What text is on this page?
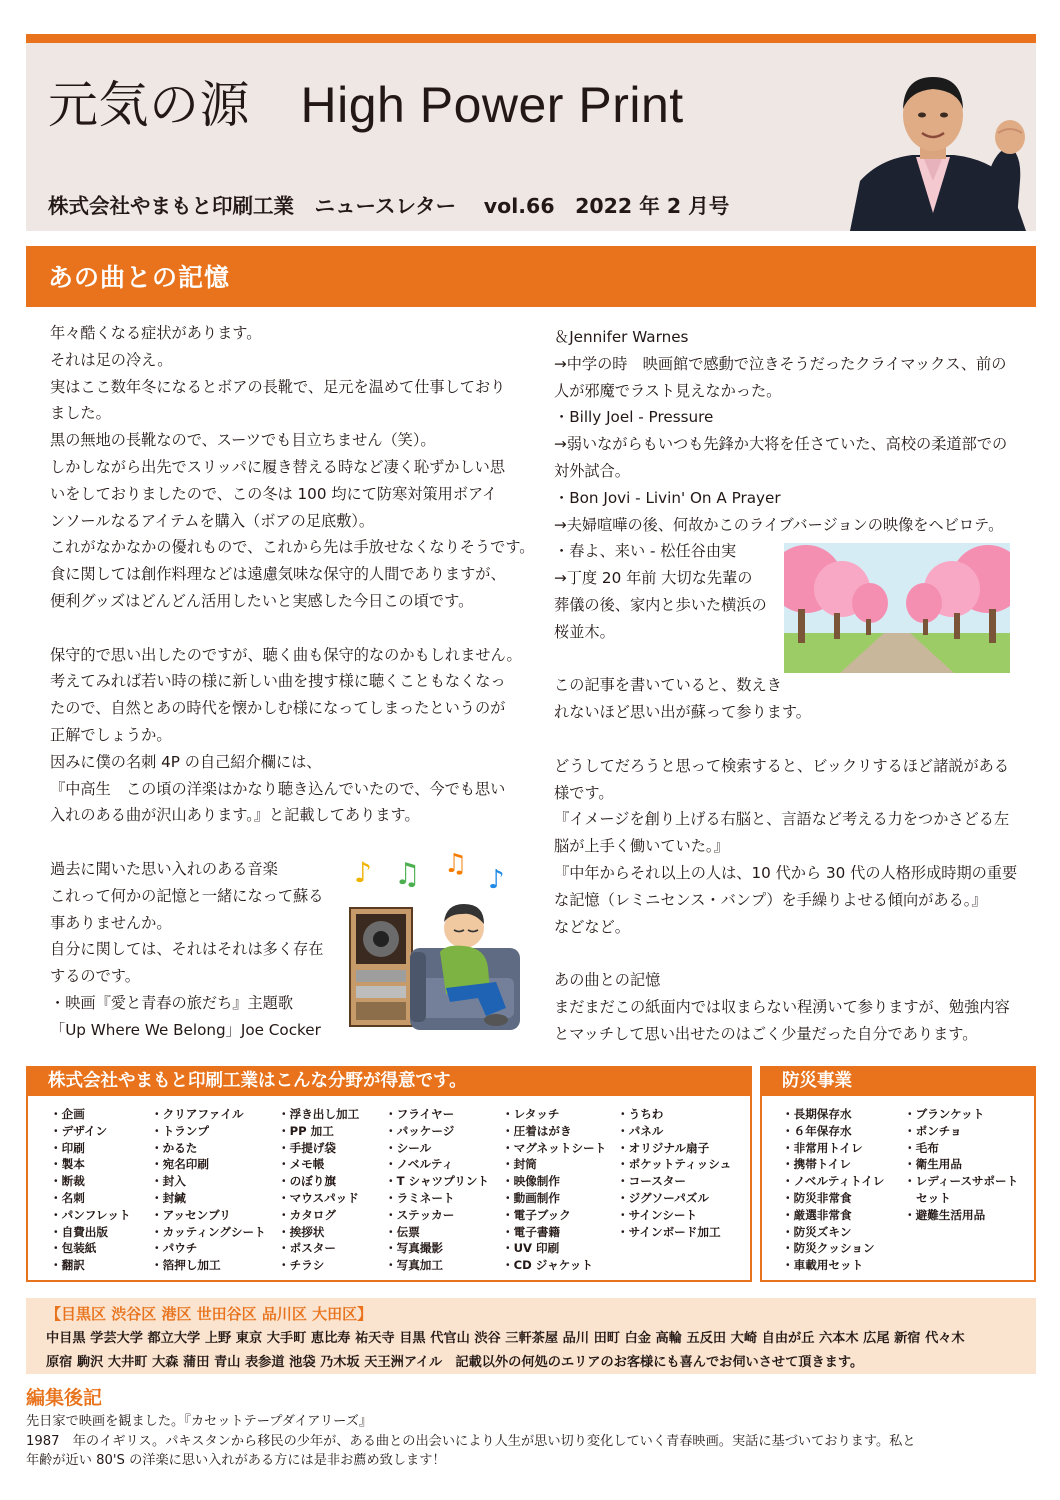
元気の源　High Power Print
株式会社やまもと印刷工業　ニュースレター　 vol.66　2022 年 2 月号
あの曲との記憶

年々酷くなる症状があります。

それは足の冷え。

実はここ数年冬になるとボアの長靴で、足元を温めて仕事しており

ました。

黒の無地の長靴なので、スーツでも目立ちません（笑）。

しかしながら出先でスリッパに履き替える時など凄く恥ずかしい思

いをしておりましたので、この冬は 100 均にて防寒対策用ボアイ

ンソールなるアイテムを購入（ボアの足底敷）。

これがなかなかの優れもので、これから先は手放せなくなりそうです。

食に関しては創作料理などは遠慮気味な保守的人間でありますが、

便利グッズはどんどん活用したいと実感した今日この頃です。

保守的で思い出したのですが、聴く曲も保守的なのかもしれません。

考えてみれば若い時の様に新しい曲を捜す様に聴くこともなくなっ

たので、自然とあの時代を懐かしむ様になってしまったというのが

正解でしょうか。

因みに僕の名刺 4P の自己紹介欄には、

『中高生　この頃の洋楽はかなり聴き込んでいたので、今でも思い

入れのある曲が沢山あります。』と記載してあります。

過去に聞いた思い入れのある音楽

これって何かの記憶と一緒になって蘇る

事ありませんか。

自分に関しては、それはそれは多く存在

するのです。

・映画『愛と青春の旅だち』主題歌

「Up Where We Belong」Joe Cocker

＆Jennifer Warnes

→中学の時　映画館で感動で泣きそうだったクライマックス、前の

人が邪魔でラスト見えなかった。

・Billy Joel - Pressure

→弱いながらもいつも先鋒か大将を任さていた、高校の柔道部での

対外試合。

・Bon Jovi - Livin' On A Prayer

→夫婦喧嘩の後、何故かこのライブバージョンの映像をヘビロテ。

・春よ、来い - 松任谷由実

→丁度 20 年前 大切な先輩の

葬儀の後、家内と歩いた横浜の

桜並木。

この記事を書いていると、数えき

れないほど思い出が蘇って参ります。

どうしてだろうと思って検索すると、ビックリするほど諸説がある

様です。

『イメージを創り上げる右脳と、言語など考える力をつかさどる左

脳が上手く働いていた。』

『中年からそれ以上の人は、10 代から 30 代の人格形成時期の重要

な記憶（レミニセンス・バンプ）を手繰りよせる傾向がある。』

などなど。

あの曲との記憶

まだまだこの紙面内では収まらない程湧いて参りますが、勉強内容

とマッチして思い出せたのはごく少量だった自分であります。

♪ ♫ ♫
♪
株式会社やまもと印刷工業はこんな分野が得意です。
・ 企画
・ デザイン
・ 印刷
・ 製本
・ 断裁
・ 名刺
・ パンフレット
・ 自費出版
・ 包装紙
・ 翻訳
・ クリアファイル
・ トランプ
・ かるた
・ 宛名印刷
・ 封入
・ 封緘
・ アッセンブリ
・ カッティングシート
・ パウチ
・ 箔押し加工
・ 浮き出し加工
・ PP 加工
・ 手提げ袋
・ メモ帳
・ のぼり旗
・ マウスパッド
・ カタログ
・ 挨拶状
・ ポスター
・ チラシ
・ フライヤー
・ パッケージ
・ シール
・ ノベルティ
・ T シャツプリント
・ ラミネート
・ ステッカー
・ 伝票
・ 写真撮影
・ 写真加工
・ レタッチ
・ 圧着はがき
・ マグネットシート
・ 封筒
・ 映像制作
・ 動画制作
・ 電子ブック
・ 電子書籍
・ UV 印刷
・ CD ジャケット
・ うちわ
・ パネル
・ オリジナル扇子
・ ポケットティッシュ
・ コースター
・ ジグソーパズル
・ サインシート
・ サインボード加工
防災事業
・ 長期保存水
・ ６年保存水
・ 非常用トイレ
・ 携帯トイレ
・ ノベルティトイレ
・ 防災非常食
・ 厳選非常食
・ 防災ズキン
・ 防災クッション
・ 車載用セット
・ ブランケット
・ ポンチョ
・ 毛布
・ 衛生用品
・ レディースサポート
セット
・ 避難生活用品
【目黒区 渋谷区 港区 世田谷区 品川区 大田区】
中目黒 学芸大学 都立大学 上野 東京 大手町 恵比寿 祐天寺 目黒 代官山 渋谷 三軒茶屋 品川 田町 白金 高輪 五反田 大崎 自由が丘 六本木 広尾 新宿 代々木
原宿 駒沢 大井町 大森 蒲田 青山 表参道 池袋 乃木坂 天王洲アイル　記載以外の何処のエリアのお客様にも喜んでお伺いさせて頂きます。
編集後記

先日家で映画を観ました。『カセットテープダイアリーズ』

1987　年のイギリス。パキスタンから移民の少年が、ある曲との出会いにより人生が思い切り変化していく青春映画。実話に基づいております。私と

年齢が近い 80'S の洋楽に思い入れがある方には是非お薦め致します！
